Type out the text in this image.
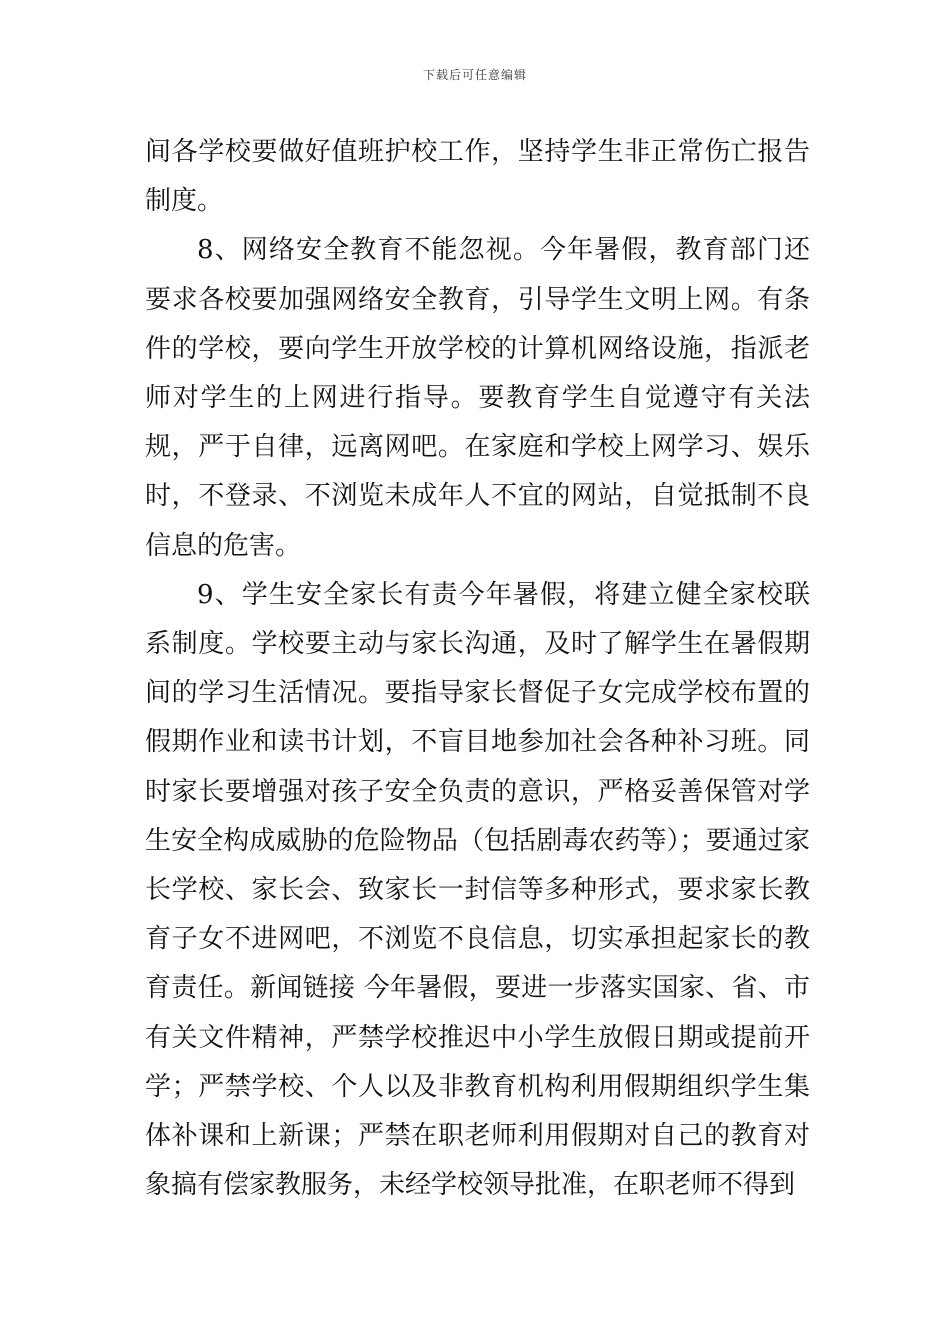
下载后可任意编辑

间各学校要做好值班护校工作，坚持学生非正常伤亡报告制度。

8、网络安全教育不能忽视。今年暑假，教育部门还要求各校要加强网络安全教育，引导学生文明上网。有条件的学校，要向学生开放学校的计算机网络设施，指派老师对学生的上网进行指导。要教育学生自觉遵守有关法规，严于自律，远离网吧。在家庭和学校上网学习、娱乐时，不登录、不浏览未成年人不宜的网站，自觉抵制不良信息的危害。

9、学生安全家长有责今年暑假，将建立健全家校联系制度。学校要主动与家长沟通，及时了解学生在暑假期间的学习生活情况。要指导家长督促子女完成学校布置的假期作业和读书计划，不盲目地参加社会各种补习班。同时家长要增强对孩子安全负责的意识，严格妥善保管对学生安全构成威胁的危险物品（包括剧毒农药等）；要通过家长学校、家长会、致家长一封信等多种形式，要求家长教育子女不进网吧，不浏览不良信息，切实承担起家长的教育责任。新闻链接 今年暑假，要进一步落实国家、省、市有关文件精神，严禁学校推迟中小学生放假日期或提前开学；严禁学校、个人以及非教育机构利用假期组织学生集体补课和上新课；严禁在职老师利用假期对自己的教育对象搞有偿家教服务，未经学校领导批准，在职老师不得到
